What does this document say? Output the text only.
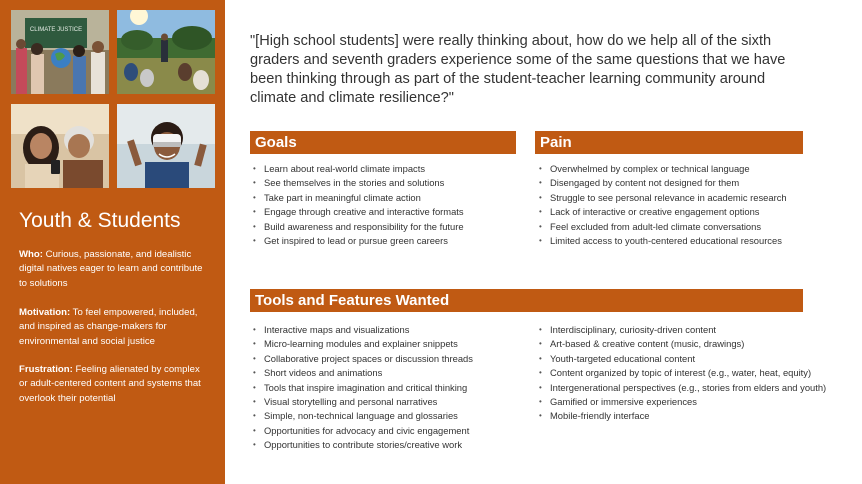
CLIMATE JUSTICE
Youth & Students

Who: Curious, passionate, and idealistic digital natives eager to learn and contribute to solutions

Motivation: To feel empowered, included, and inspired as change-makers for environmental and social justice

Frustration: Feeling alienated by complex or adult-centered content and systems that overlook their potential

"[High school students] were really thinking about, how do we help all of the sixth graders and seventh graders experience some of the same questions that we have been thinking through as part of the student-teacher learning community around climate and climate resilience?"

Goals	Pain
• Learn about real-world climate impacts
• See themselves in the stories and solutions
• Take part in meaningful climate action
• Engage through creative and interactive formats
• Build awareness and responsibility for the future
• Get inspired to lead or pursue green careers
• Overwhelmed by complex or technical language
• Disengaged by content not designed for them
• Struggle to see personal relevance in academic research
• Lack of interactive or creative engagement options
• Feel excluded from adult-led climate conversations
• Limited access to youth-centered educational resources
Tools and Features Wanted
• Interactive maps and visualizations
• Micro-learning modules and explainer snippets
• Collaborative project spaces or discussion threads
• Short videos and animations
• Tools that inspire imagination and critical thinking
• Visual storytelling and personal narratives
• Simple, non-technical language and glossaries
• Opportunities for advocacy and civic engagement
• Opportunities to contribute stories/creative work
• Interdisciplinary, curiosity-driven content
• Art-based & creative content (music, drawings)
• Youth-targeted educational content
• Content organized by topic of interest (e.g., water, heat, equity)
• Intergenerational perspectives (e.g., stories from elders and youth)
• Gamified or immersive experiences
• Mobile-friendly interface
